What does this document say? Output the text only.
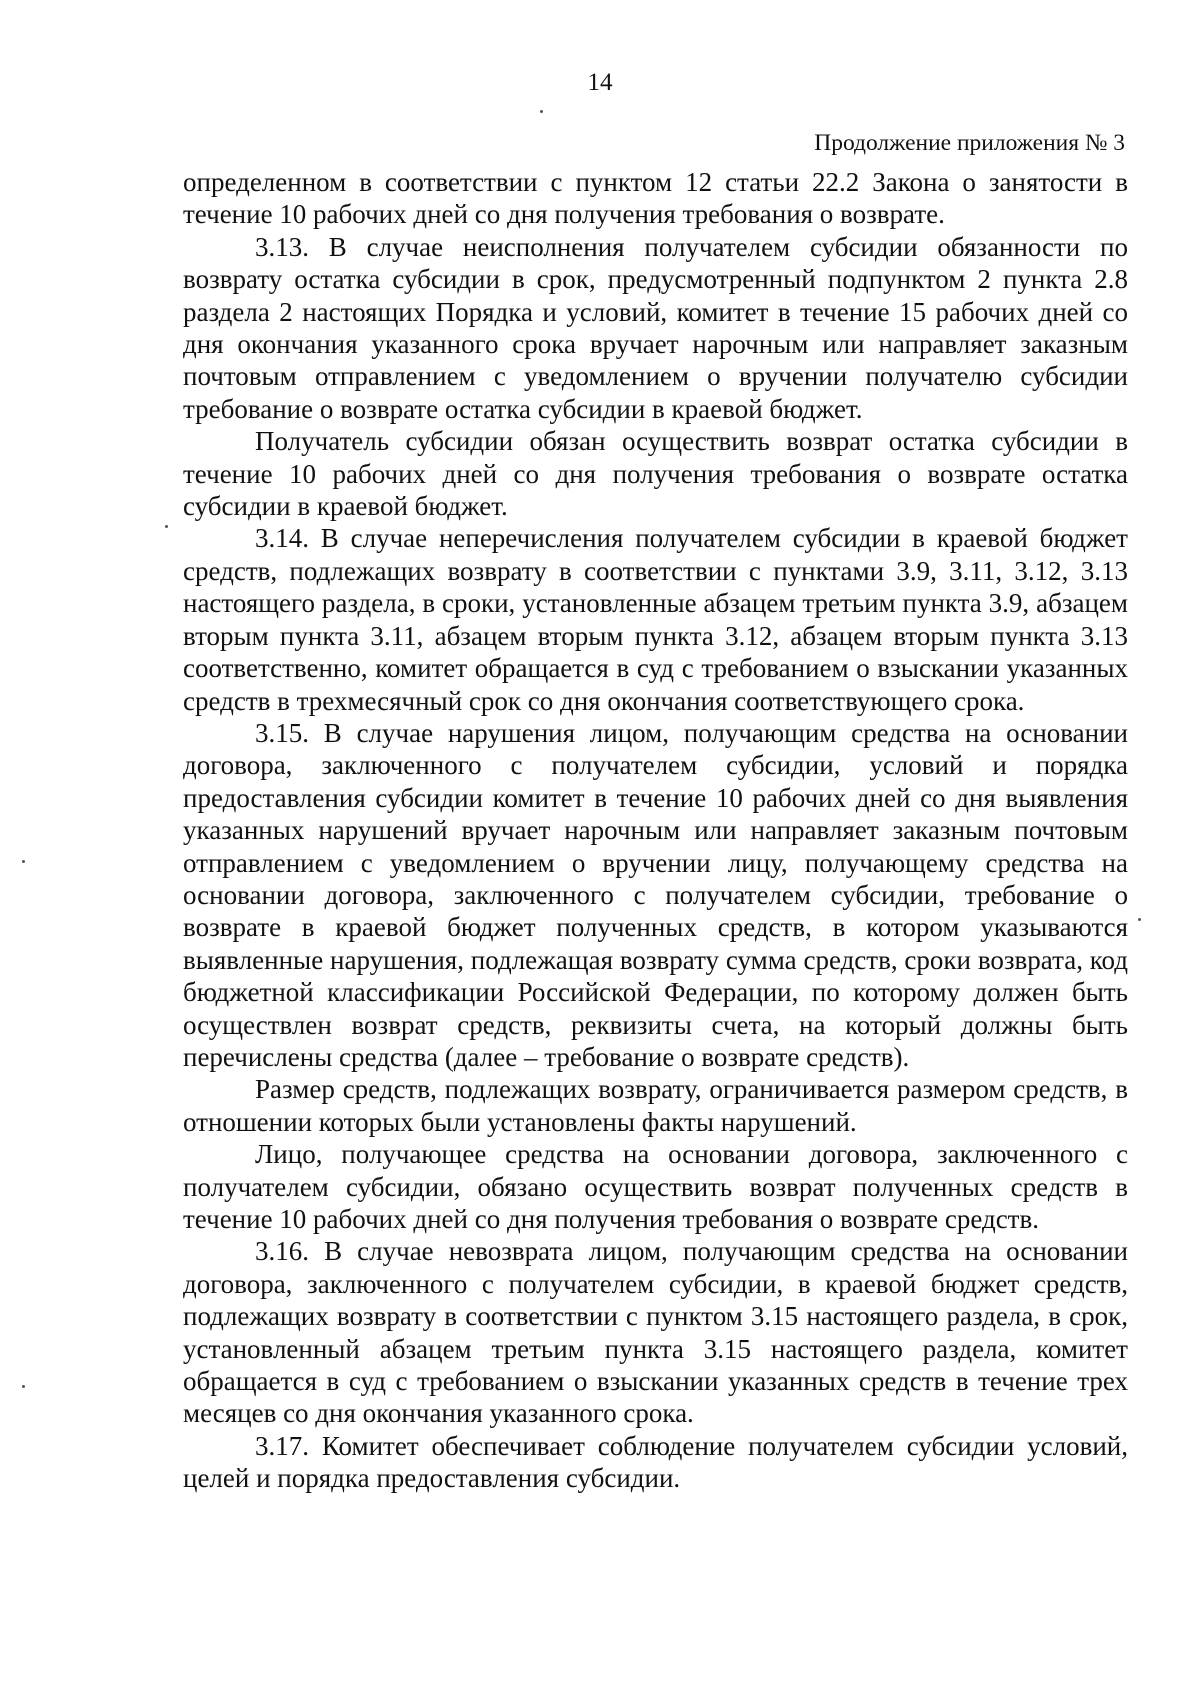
14
Продолжение приложения № 3

определенном в соответствии с пунктом 12 статьи 22.2 Закона о занятости в течение 10 рабочих дней со дня получения требования о возврате.

3.13. В случае неисполнения получателем субсидии обязанности по возврату остатка субсидии в срок, предусмотренный подпунктом 2 пункта 2.8 раздела 2 настоящих Порядка и условий, комитет в течение 15 рабочих дней со дня окончания указанного срока вручает нарочным или направляет заказным почтовым отправлением с уведомлением о вручении получателю субсидии требование о возврате остатка субсидии в краевой бюджет.

Получатель субсидии обязан осуществить возврат остатка субсидии в течение 10 рабочих дней со дня получения требования о возврате остатка субсидии в краевой бюджет.

3.14. В случае неперечисления получателем субсидии в краевой бюджет средств, подлежащих возврату в соответствии с пунктами 3.9, 3.11, 3.12, 3.13 настоящего раздела, в сроки, установленные абзацем третьим пункта 3.9, абзацем вторым пункта 3.11, абзацем вторым пункта 3.12, абзацем вторым пункта 3.13 соответственно, комитет обращается в суд с требованием о взыскании указанных средств в трехмесячный срок со дня окончания соответствующего срока.

3.15. В случае нарушения лицом, получающим средства на основании договора, заключенного с получателем субсидии, условий и порядка предоставления субсидии комитет в течение 10 рабочих дней со дня выявления указанных нарушений вручает нарочным или направляет заказным почтовым отправлением с уведомлением о вручении лицу, получающему средства на основании договора, заключенного с получателем субсидии, требование о возврате в краевой бюджет полученных средств, в котором указываются выявленные нарушения, подлежащая возврату сумма средств, сроки возврата, код бюджетной классификации Российской Федерации, по которому должен быть осуществлен возврат средств, реквизиты счета, на который должны быть перечислены средства (далее – требование о возврате средств).

Размер средств, подлежащих возврату, ограничивается размером средств, в отношении которых были установлены факты нарушений.

Лицо, получающее средства на основании договора, заключенного с получателем субсидии, обязано осуществить возврат полученных средств в течение 10 рабочих дней со дня получения требования о возврате средств.

3.16. В случае невозврата лицом, получающим средства на основании договора, заключенного с получателем субсидии, в краевой бюджет средств, подлежащих возврату в соответствии с пунктом 3.15 настоящего раздела, в срок, установленный абзацем третьим пункта 3.15 настоящего раздела, комитет обращается в суд с требованием о взыскании указанных средств в течение трех месяцев со дня окончания указанного срока.

3.17. Комитет обеспечивает соблюдение получателем субсидии условий, целей и порядка предоставления субсидии.
